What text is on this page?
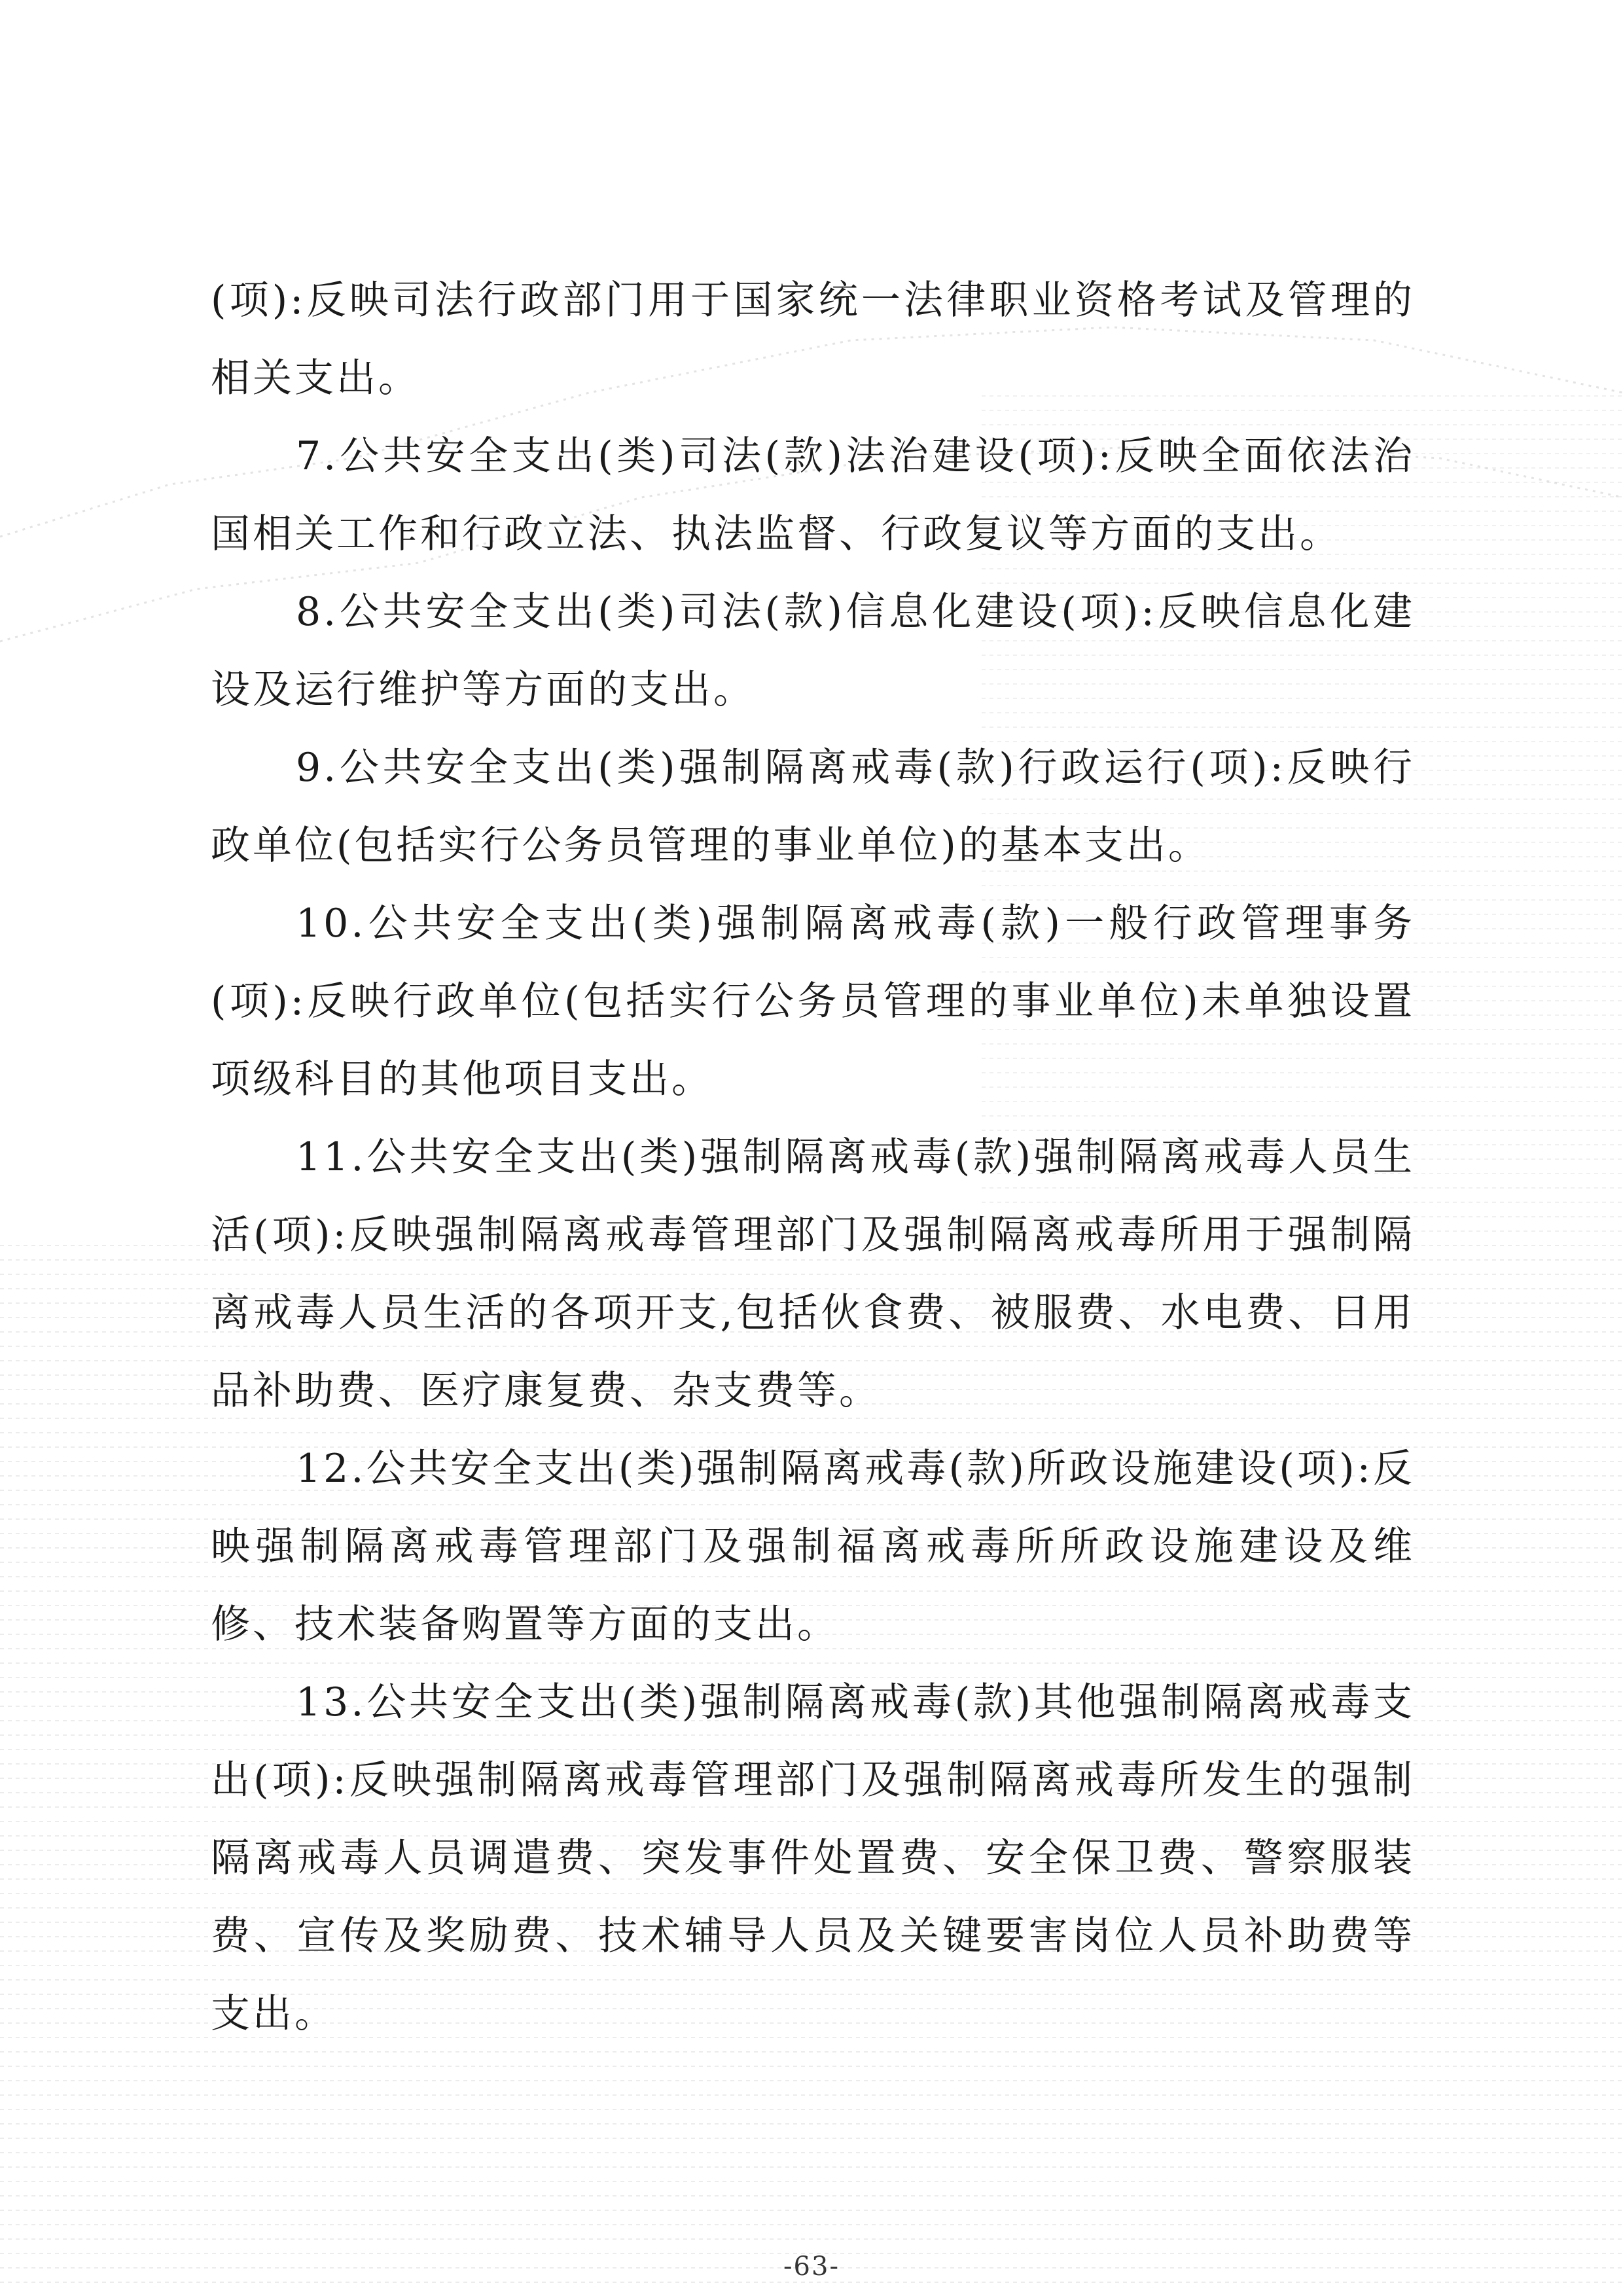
(项):反映司法行政部门用于国家统一法律职业资格考试及管理的相关支出。

7.公共安全支出(类)司法(款)法治建设(项):反映全面依法治国相关工作和行政立法、执法监督、行政复议等方面的支出。

8.公共安全支出(类)司法(款)信息化建设(项):反映信息化建设及运行维护等方面的支出。

9.公共安全支出(类)强制隔离戒毒(款)行政运行(项):反映行政单位(包括实行公务员管理的事业单位)的基本支出。

10.公共安全支出(类)强制隔离戒毒(款)一般行政管理事务(项):反映行政单位(包括实行公务员管理的事业单位)未单独设置项级科目的其他项目支出。

11.公共安全支出(类)强制隔离戒毒(款)强制隔离戒毒人员生活(项):反映强制隔离戒毒管理部门及强制隔离戒毒所用于强制隔离戒毒人员生活的各项开支,包括伙食费、被服费、水电费、日用品补助费、医疗康复费、杂支费等。

12.公共安全支出(类)强制隔离戒毒(款)所政设施建设(项):反映强制隔离戒毒管理部门及强制福离戒毒所所政设施建设及维修、技术装备购置等方面的支出。

13.公共安全支出(类)强制隔离戒毒(款)其他强制隔离戒毒支出(项):反映强制隔离戒毒管理部门及强制隔离戒毒所发生的强制隔离戒毒人员调遣费、突发事件处置费、安全保卫费、警察服装费、宣传及奖励费、技术辅导人员及关键要害岗位人员补助费等支出。

-63-
